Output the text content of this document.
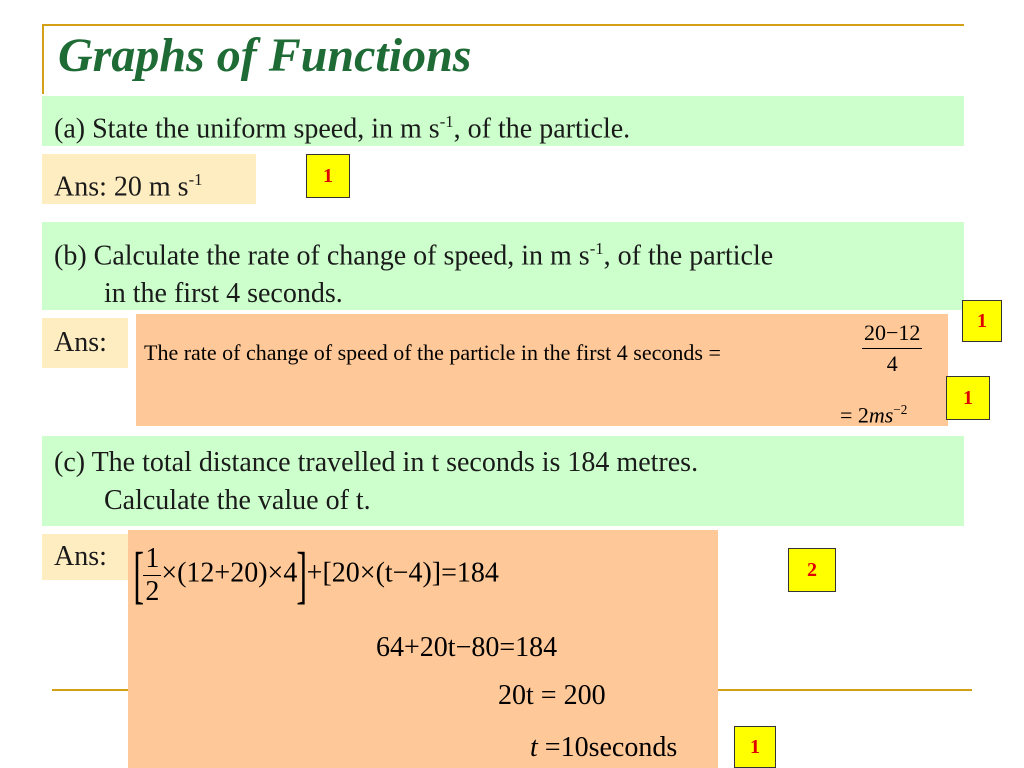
Graphs of Functions
(a) State the uniform speed, in m $s^{-1}$, of the particle.
Ans: 20 m $s^{-1}$	1
(b) Calculate the rate of change of speed, in m $s^{-1}$, of the particle
in the first 4 seconds.
Ans:	The rate of change of speed of the particle in the first 4 seconds =	$\frac{20-12}{4}$
= $2ms^{-2}$
1
1
(c) The total distance travelled in t seconds is 184 metres.
Calculate the value of t.
Ans: [ $\frac{1}{2} \times(12+20)\times 4]+[20\times(t-4)]=184$
64+20t−80=184
20t = 200
t =10seconds
2
1
